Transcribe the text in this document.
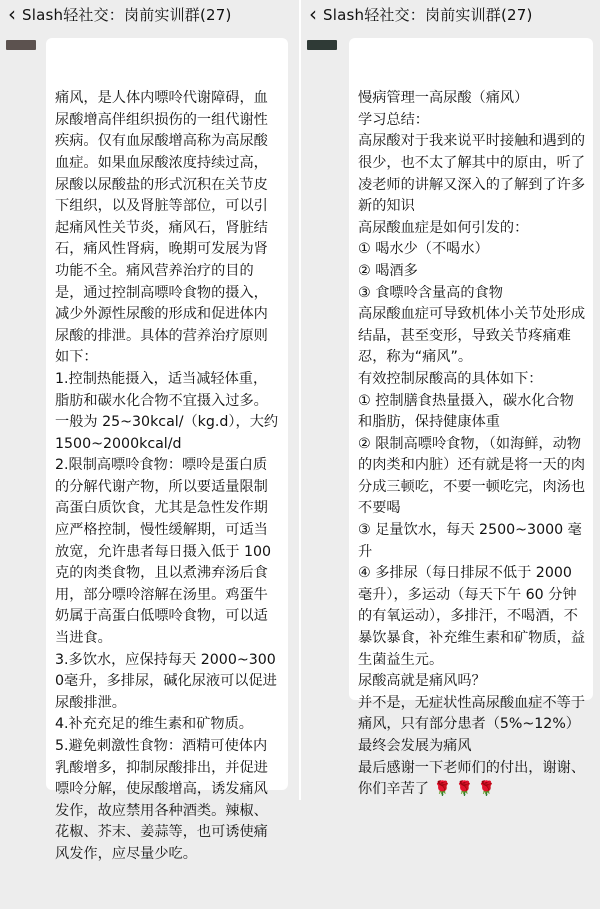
‹ Slash轻社交：岗前实训群(27)

痛风，是人体内嘌呤代谢障碍，血尿酸增高伴组织损伤的一组代谢性疾病。仅有血尿酸增高称为高尿酸血症。如果血尿酸浓度持续过高，尿酸以尿酸盐的形式沉积在关节皮下组织，以及肾脏等部位，可以引起痛风性关节炎，痛风石，肾脏结石，痛风性肾病，晚期可发展为肾功能不全。痛风营养治疗的目的是，通过控制高嘌呤食物的摄入，减少外源性尿酸的形成和促进体内尿酸的排泄。具体的营养治疗原则如下：
1.控制热能摄入，适当减轻体重，脂肪和碳水化合物不宜摄入过多。
一般为 25~30kcal/（kg.d），大约1500~2000kcal/d
2.限制高嘌呤食物：嘌呤是蛋白质的分解代谢产物，所以要适量限制高蛋白质饮食，尤其是急性发作期应严格控制，慢性缓解期，可适当放宽，允许患者每日摄入低于 100 克的肉类食物，且以煮沸弃汤后食用，部分嘌呤溶解在汤里。鸡蛋牛奶属于高蛋白低嘌呤食物，可以适当进食。
3.多饮水，应保持每天 2000~3000毫升，多排尿，碱化尿液可以促进尿酸排泄。
4.补充充足的维生素和矿物质。
5.避免刺激性食物：酒精可使体内乳酸增多，抑制尿酸排出，并促进嘌呤分解，使尿酸增高，诱发痛风发作，故应禁用各种酒类。辣椒、花椒、芥末、姜蒜等，也可诱使痛风发作，应尽量少吃。

‹ Slash轻社交：岗前实训群(27)

慢病管理一高尿酸（痛风）
学习总结：
高尿酸对于我来说平时接触和遇到的很少，也不太了解其中的原由，听了凌老师的讲解又深入的了解到了许多新的知识
高尿酸血症是如何引发的：
① 喝水少（不喝水）
② 喝酒多
③ 食嘌呤含量高的食物
高尿酸血症可导致机体小关节处形成结晶，甚至变形，导致关节疼痛难忍，称为“痛风”。
有效控制尿酸高的具体如下：
① 控制膳食热量摄入，碳水化合物和脂肪，保持健康体重
② 限制高嘌呤食物，（如海鲜，动物的肉类和内脏）还有就是将一天的肉分成三顿吃，不要一顿吃完，肉汤也不要喝
③ 足量饮水，每天 2500~3000 毫升
④ 多排尿（每日排尿不低于 2000 毫升），多运动（每天下午 60 分钟的有氧运动），多排汗，不喝酒，不暴饮暴食，补充维生素和矿物质，益生菌益生元。
尿酸高就是痛风吗？
并不是，无症状性高尿酸血症不等于痛风，只有部分患者（5%~12%）最终会发展为痛风
最后感谢一下老师们的付出，谢谢、你们辛苦了 🌹 🌹 🌹
